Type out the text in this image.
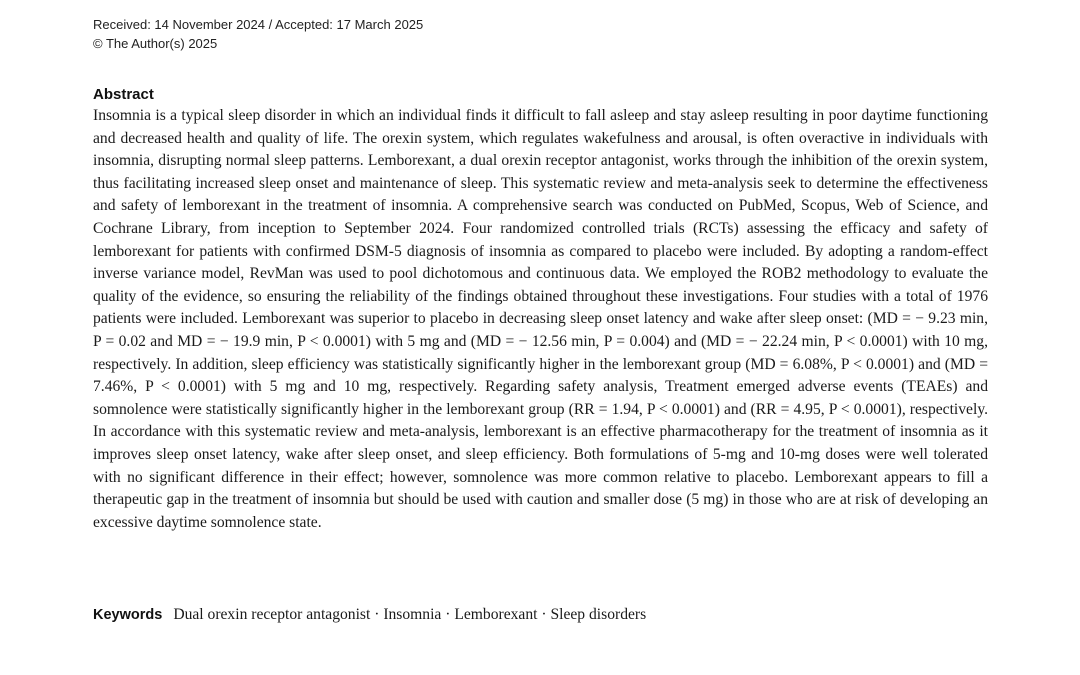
Received: 14 November 2024 / Accepted: 17 March 2025
© The Author(s) 2025
Abstract

Insomnia is a typical sleep disorder in which an individual finds it difficult to fall asleep and stay asleep resulting in poor daytime functioning and decreased health and quality of life. The orexin system, which regulates wakefulness and arousal, is often overactive in individuals with insomnia, disrupting normal sleep patterns. Lemborexant, a dual orexin receptor antagonist, works through the inhibition of the orexin system, thus facilitating increased sleep onset and maintenance of sleep. This systematic review and meta-analysis seek to determine the effectiveness and safety of lemborexant in the treatment of insomnia. A comprehensive search was conducted on PubMed, Scopus, Web of Science, and Cochrane Library, from inception to September 2024. Four randomized controlled trials (RCTs) assessing the efficacy and safety of lemborexant for patients with confirmed DSM-5 diagnosis of insomnia as compared to placebo were included. By adopting a random-effect inverse variance model, RevMan was used to pool dichotomous and continuous data. We employed the ROB2 methodology to evaluate the quality of the evidence, so ensuring the reliability of the findings obtained throughout these investigations. Four studies with a total of 1976 patients were included. Lemborexant was superior to placebo in decreasing sleep onset latency and wake after sleep onset: (MD = − 9.23 min, P = 0.02 and MD = − 19.9 min, P < 0.0001) with 5 mg and (MD = − 12.56 min, P = 0.004) and (MD = − 22.24 min, P < 0.0001) with 10 mg, respectively. In addition, sleep efficiency was statistically significantly higher in the lemborexant group (MD = 6.08%, P < 0.0001) and (MD = 7.46%, P < 0.0001) with 5 mg and 10 mg, respectively. Regarding safety analysis, Treatment emerged adverse events (TEAEs) and somnolence were statistically significantly higher in the lemborexant group (RR = 1.94, P < 0.0001) and (RR = 4.95, P < 0.0001), respectively. In accordance with this systematic review and meta-analysis, lemborexant is an effective pharmacotherapy for the treatment of insomnia as it improves sleep onset latency, wake after sleep onset, and sleep efficiency. Both formulations of 5-mg and 10-mg doses were well tolerated with no significant difference in their effect; however, somnolence was more common relative to placebo. Lemborexant appears to fill a therapeutic gap in the treatment of insomnia but should be used with caution and smaller dose (5 mg) in those who are at risk of developing an excessive daytime somnolence state.

Keywords Dual orexin receptor antagonist · Insomnia · Lemborexant · Sleep disorders
